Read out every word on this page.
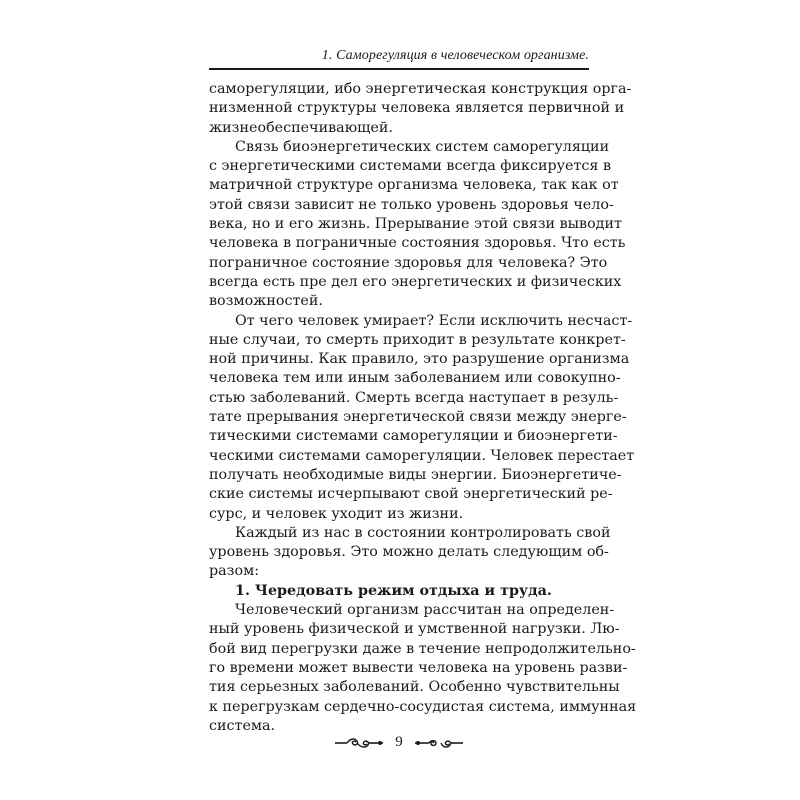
1. Саморегуляция в человеческом организме.
саморегуляции, ибо энергетическая конструкция орга-
низменной структуры человека является первичной и
жизнеобеспечивающей.
Связь биоэнергетических систем саморегуляции
с энергетическими системами всегда фиксируется в
матричной структуре организма человека, так как от
этой связи зависит не только уровень здоровья чело-
века, но и его жизнь. Прерывание этой связи выводит
человека в пограничные состояния здоровья. Что есть
пограничное состояние здоровья для человека? Это
всегда есть пре дел его энергетических и физических
возможностей.
От чего человек умирает? Если исключить несчаст-
ные случаи, то смерть приходит в результате конкрет-
ной причины. Как правило, это разрушение организма
человека тем или иным заболеванием или совокупно-
стью заболеваний. Смерть всегда наступает в резуль-
тате прерывания энергетической связи между энерге-
тическими системами саморегуляции и биоэнергети-
ческими системами саморегуляции. Человек перестает
получать необходимые виды энергии. Биоэнергетиче-
ские системы исчерпывают свой энергетический ре-
сурс, и человек уходит из жизни.
Каждый из нас в состоянии контролировать свой
уровень здоровья. Это можно делать следующим об-
разом:
1. Чередовать режим отдыха и труда.
Человеческий организм рассчитан на определен-
ный уровень физической и умственной нагрузки. Лю-
бой вид перегрузки даже в течение непродолжительно-
го времени может вывести человека на уровень разви-
тия серьезных заболеваний. Особенно чувствительны
к перегрузкам сердечно-сосудистая система, иммунная
система.
9
